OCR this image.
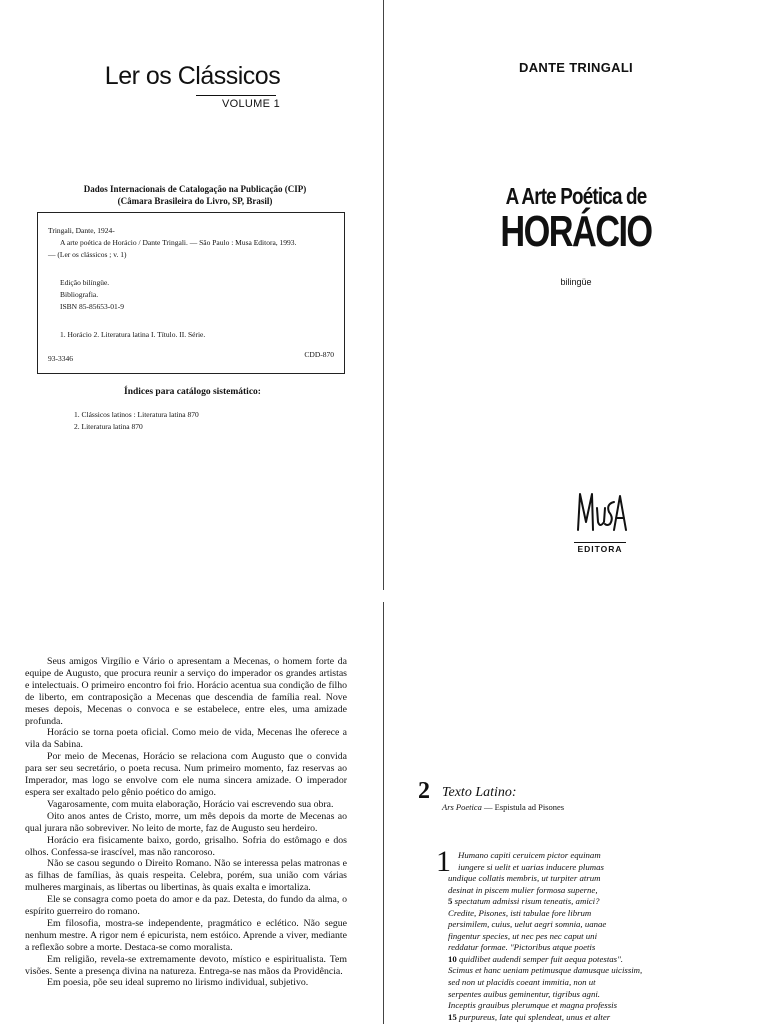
Ler os Clássicos
VOLUME 1
Dados Internacionais de Catalogação na Publicação (CIP)
(Câmara Brasileira do Livro, SP, Brasil)
Tringali, Dante, 1924-
A arte poética de Horácio / Dante Tringali. — São Paulo : Musa Editora, 1993.
— (Ler os clássicos ; v. 1)
Edição bilíngüe.
Bibliografia.
ISBN 85-85653-01-9
1. Horácio 2. Literatura latina I. Título. II. Série.
93-3346	CDD-870
Índices para catálogo sistemático:
1. Clássicos latinos : Literatura latina 870
2. Literatura latina 870
DANTE TRINGALI
A Arte Poética de
HORÁCIO
bilingüe
EDITORA

Seus amigos Virgílio e Vário o apresentam a Mecenas, o homem forte da equipe de Augusto, que procura reunir a serviço do imperador os grandes artistas e intelectuais. O primeiro encontro foi frio. Horácio acentua sua condição de filho de liberto, em contraposição a Mecenas que descendia de família real. Nove meses depois, Mecenas o convoca e se estabelece, entre eles, uma amizade profunda.

Horácio se torna poeta oficial. Como meio de vida, Mecenas lhe oferece a vila da Sabina.

Por meio de Mecenas, Horácio se relaciona com Augusto que o convida para ser seu secretário, o poeta recusa. Num primeiro momento, faz reservas ao Imperador, mas logo se envolve com ele numa sincera amizade. O imperador espera ser exaltado pelo gênio poético do amigo.

Vagarosamente, com muita elaboração, Horácio vai escrevendo sua obra.

Oito anos antes de Cristo, morre, um mês depois da morte de Mecenas ao qual jurara não sobreviver. No leito de morte, faz de Augusto seu herdeiro.

Horácio era fisicamente baixo, gordo, grisalho. Sofria do estômago e dos olhos. Confessa-se irascível, mas não rancoroso.

Não se casou segundo o Direito Romano. Não se interessa pelas matronas e as filhas de famílias, às quais respeita. Celebra, porém, sua união com várias mulheres marginais, as libertas ou libertinas, às quais exalta e imortaliza.

Ele se consagra como poeta do amor e da paz. Detesta, do fundo da alma, o espírito guerreiro do romano.

Em filosofia, mostra-se independente, pragmático e eclético. Não segue nenhum mestre. A rigor nem é epicurista, nem estóico. Aprende a viver, mediante a reflexão sobre a morte. Destaca-se como moralista.

Em religião, revela-se extremamente devoto, místico e espiritualista. Tem visões. Sente a presença divina na natureza. Entrega-se nas mãos da Providência.

Em poesia, põe seu ideal supremo no lirismo individual, subjetivo.

2 Texto Latino:
Ars Poetica — Espistula ad Pisones
1 Humano capiti ceruicem pictor equinam
iungere si uelit et uarias inducere plumas
undique collatis membris, ut turpiter atrum
desinat in piscem mulier formosa superne,
5 spectatum admissi risum teneatis, amici?
Credite, Pisones, isti tabulae fore librum
persimilem, cuius, uelut aegri somnia, uanae
fingentur species, ut nec pes nec caput uni
reddatur formae. "Pictoribus atque poetis
10 quidlibet audendi semper fuit aequa potestas".
Scimus et hanc ueniam petimusque damusque uicissim,
sed non ut placidis coeant immitia, non ut
serpentes auibus geminentur, tigribus agni.
Inceptis grauibus plerumque et magna professis
15 purpureus, late qui splendeat, unus et alter
